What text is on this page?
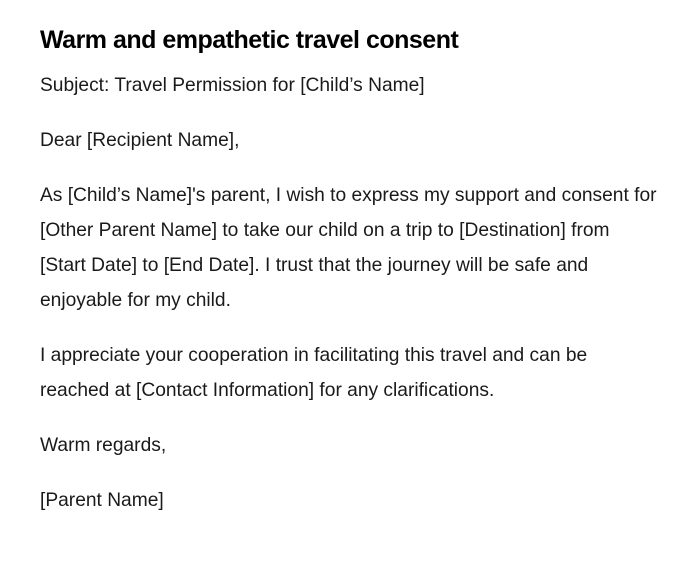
Warm and empathetic travel consent

Subject: Travel Permission for [Child’s Name]

Dear [Recipient Name],

As [Child’s Name]'s parent, I wish to express my support and consent for [Other Parent Name] to take our child on a trip to [Destination] from [Start Date] to [End Date]. I trust that the journey will be safe and enjoyable for my child.

I appreciate your cooperation in facilitating this travel and can be reached at [Contact Information] for any clarifications.

Warm regards,

[Parent Name]
